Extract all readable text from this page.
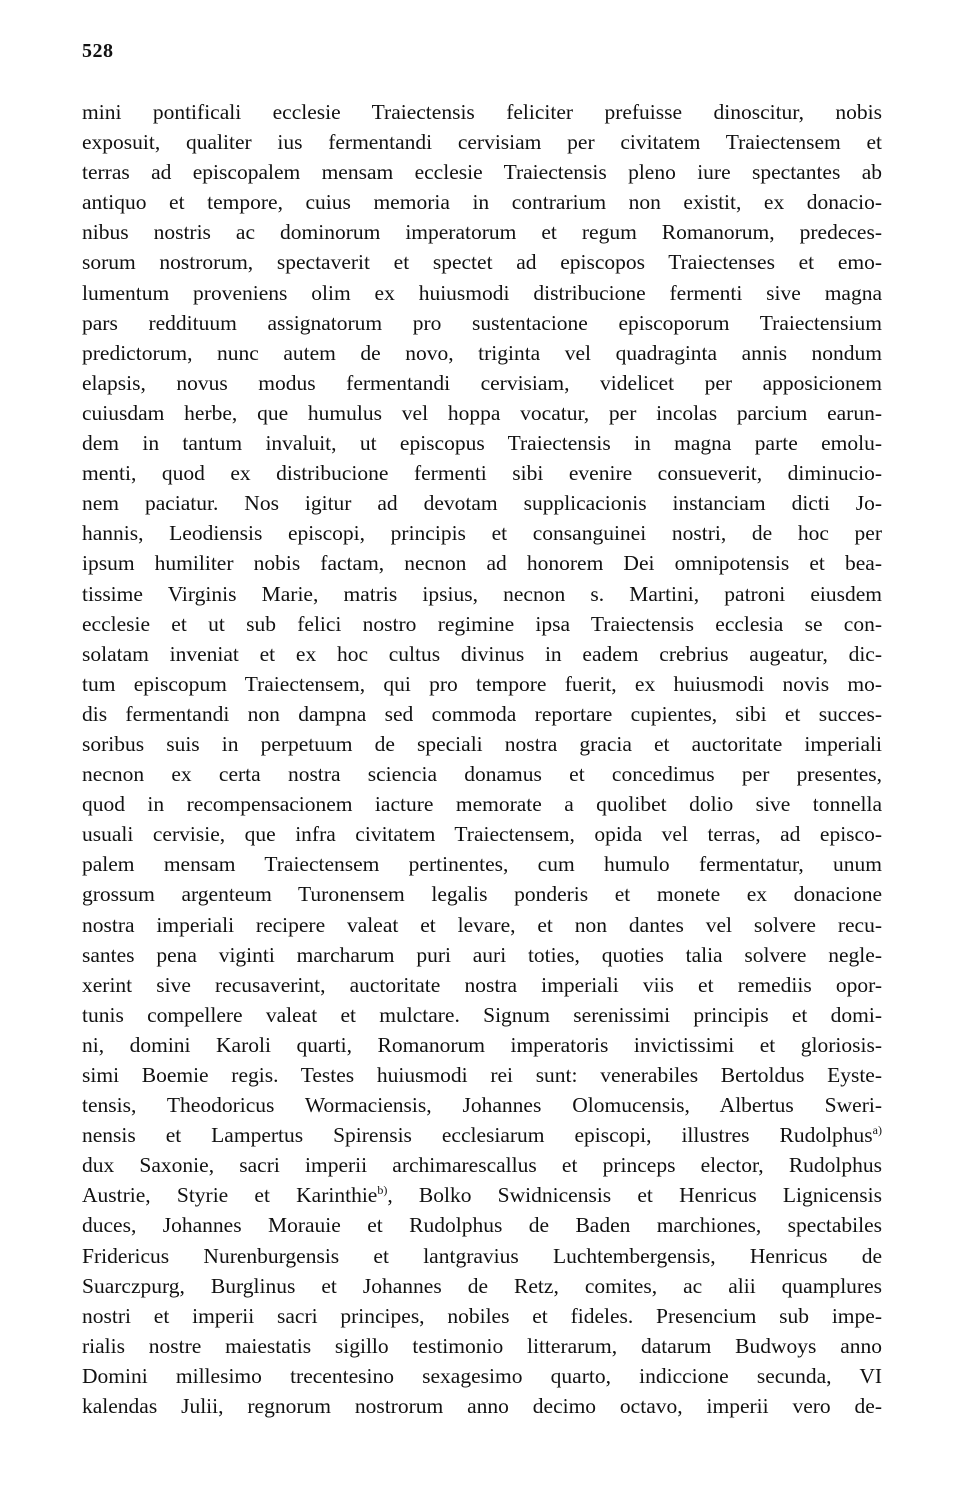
528
mini pontificali ecclesie Traiectensis feliciter prefuisse dinoscitur, nobis
exposuit, qualiter ius fermentandi cervisiam per civitatem Traiectensem et
terras ad episcopalem mensam ecclesie Traiectensis pleno iure spectantes ab
antiquo et tempore, cuius memoria in contrarium non existit, ex donacio-
nibus nostris ac dominorum imperatorum et regum Romanorum, predeces-
sorum nostrorum, spectaverit et spectet ad episcopos Traiectenses et emo-
lumentum proveniens olim ex huiusmodi distribucione fermenti sive magna
pars reddituum assignatorum pro sustentacione episcoporum Traiectensium
predictorum, nunc autem de novo, triginta vel quadraginta annis nondum
elapsis, novus modus fermentandi cervisiam, videlicet per apposicionem
cuiusdam herbe, que humulus vel hoppa vocatur, per incolas parcium earun-
dem in tantum invaluit, ut episcopus Traiectensis in magna parte emolu-
menti, quod ex distribucione fermenti sibi evenire consueverit, diminucio-
nem paciatur. Nos igitur ad devotam supplicacionis instanciam dicti Jo-
hannis, Leodiensis episcopi, principis et consanguinei nostri, de hoc per
ipsum humiliter nobis factam, necnon ad honorem Dei omnipotensis et bea-
tissime Virginis Marie, matris ipsius, necnon s. Martini, patroni eiusdem
ecclesie et ut sub felici nostro regimine ipsa Traiectensis ecclesia se con-
solatam inveniat et ex hoc cultus divinus in eadem crebrius augeatur, dic-
tum episcopum Traiectensem, qui pro tempore fuerit, ex huiusmodi novis mo-
dis fermentandi non dampna sed commoda reportare cupientes, sibi et succes-
soribus suis in perpetuum de speciali nostra gracia et auctoritate imperiali
necnon ex certa nostra sciencia donamus et concedimus per presentes,
quod in recompensacionem iacture memorate a quolibet dolio sive tonnella
usuali cervisie, que infra civitatem Traiectensem, opida vel terras, ad episco-
palem mensam Traiectensem pertinentes, cum humulo fermentatur, unum
grossum argenteum Turonensem legalis ponderis et monete ex donacione
nostra imperiali recipere valeat et levare, et non dantes vel solvere recu-
santes pena viginti marcharum puri auri toties, quoties talia solvere negle-
xerint sive recusaverint, auctoritate nostra imperiali viis et remediis opor-
tunis compellere valeat et mulctare. Signum serenissimi principis et domi-
ni, domini Karoli quarti, Romanorum imperatoris invictissimi et gloriosis-
simi Boemie regis. Testes huiusmodi rei sunt: venerabiles Bertoldus Eyste-
tensis, Theodoricus Wormaciensis, Johannes Olomucensis, Albertus Sweri-
nensis et Lampertus Spirensis ecclesiarum episcopi, illustres Rudolphus$^{a)}$
dux Saxonie, sacri imperii archimarescallus et princeps elector, Rudolphus
Austrie, Styrie et Karinthie$^{b)}$, Bolko Swidnicensis et Henricus Lignicensis
duces, Johannes Morauie et Rudolphus de Baden marchiones, spectabiles
Fridericus Nurenburgensis et lantgravius Luchtembergensis, Henricus de
Suarczpurg, Burglinus et Johannes de Retz, comites, ac alii quamplures
nostri et imperii sacri principes, nobiles et fideles. Presencium sub impe-
rialis nostre maiestatis sigillo testimonio litterarum, datarum Budwoys anno
Domini millesimo trecentesino sexagesimo quarto, indiccione secunda, VI
kalendas Julii, regnorum nostrorum anno decimo octavo, imperii vero de-
